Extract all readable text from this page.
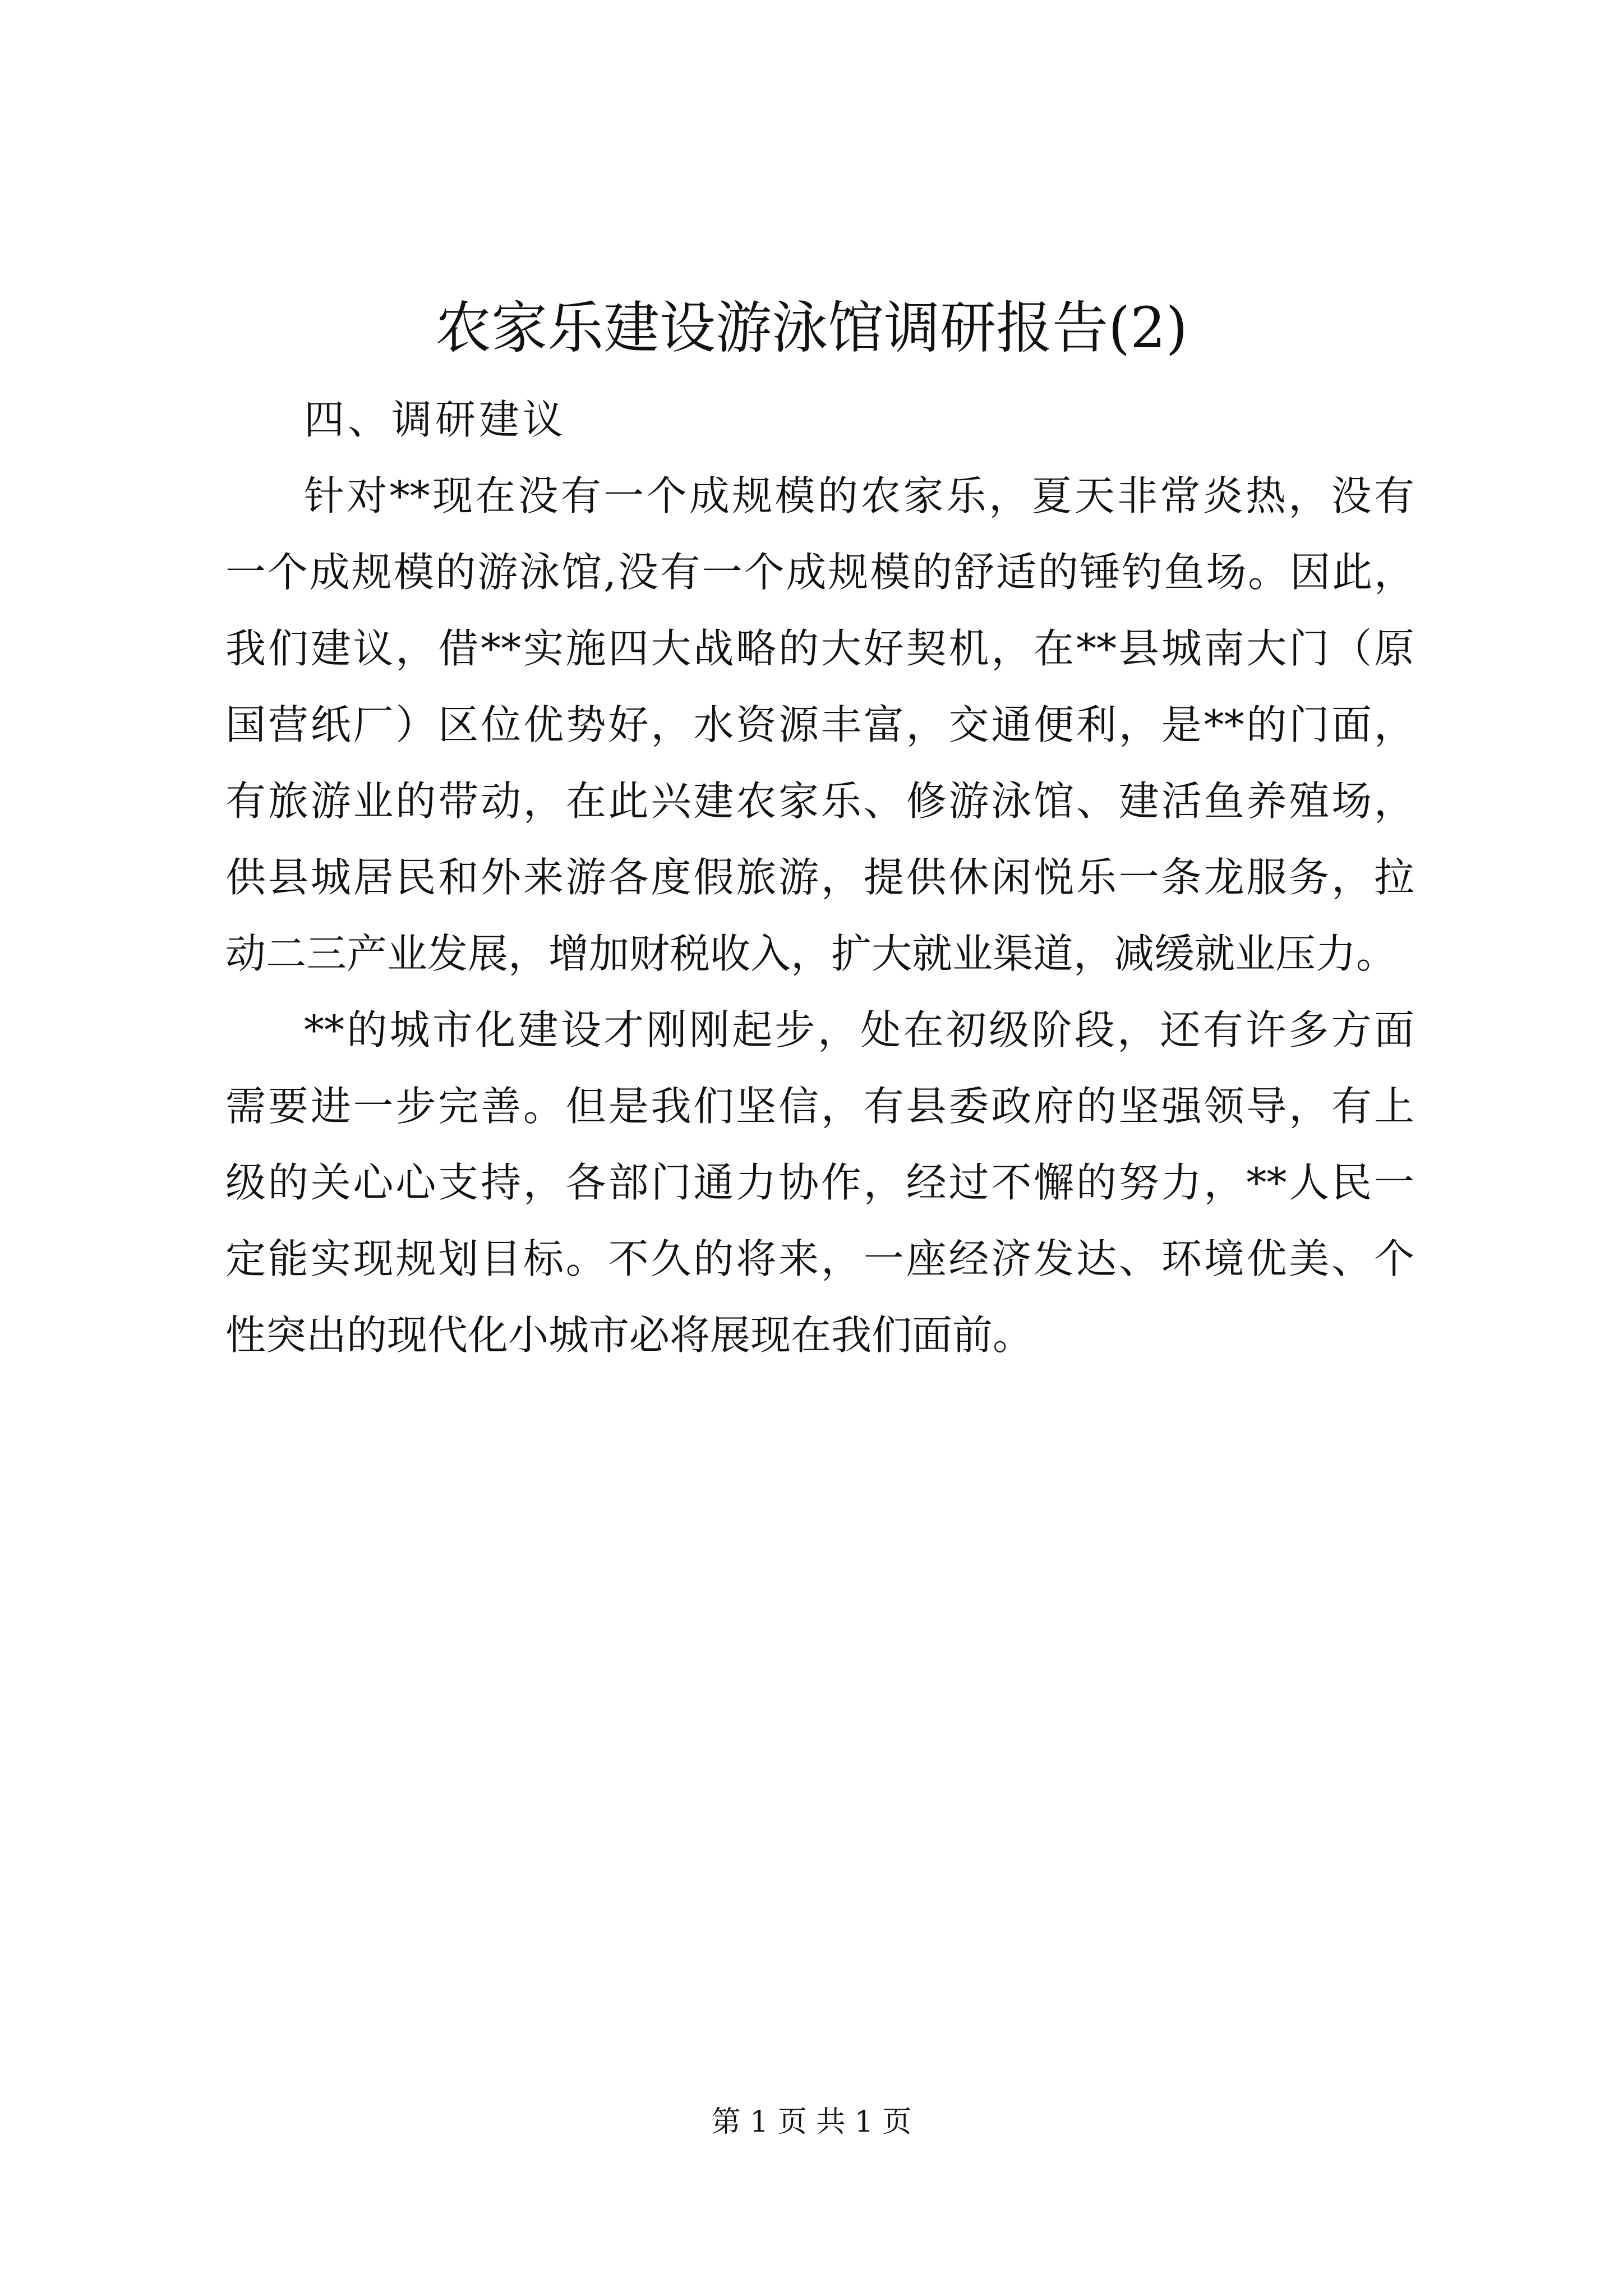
农家乐建设游泳馆调研报告(2)

四、调研建议

针对**现在没有一个成规模的农家乐，夏天非常炎热，没有
一个成规模的游泳馆,没有一个成规模的舒适的锤钓鱼场。因此，
我们建议，借**实施四大战略的大好契机，在**县城南大门（原
国营纸厂）区位优势好，水资源丰富，交通便利，是**的门面，
有旅游业的带动，在此兴建农家乐、修游泳馆、建活鱼养殖场，
供县城居民和外来游各度假旅游，提供休闲悦乐一条龙服务，拉
动二三产业发展，增加财税收入，扩大就业渠道，减缓就业压力。
**的城市化建设才刚刚起步，处在初级阶段，还有许多方面
需要进一步完善。但是我们坚信，有县委政府的坚强领导，有上
级的关心心支持，各部门通力协作，经过不懈的努力，**人民一
定能实现规划目标。不久的将来，一座经济发达、环境优美、个
性突出的现代化小城市必将展现在我们面前。
第 1 页 共 1 页
